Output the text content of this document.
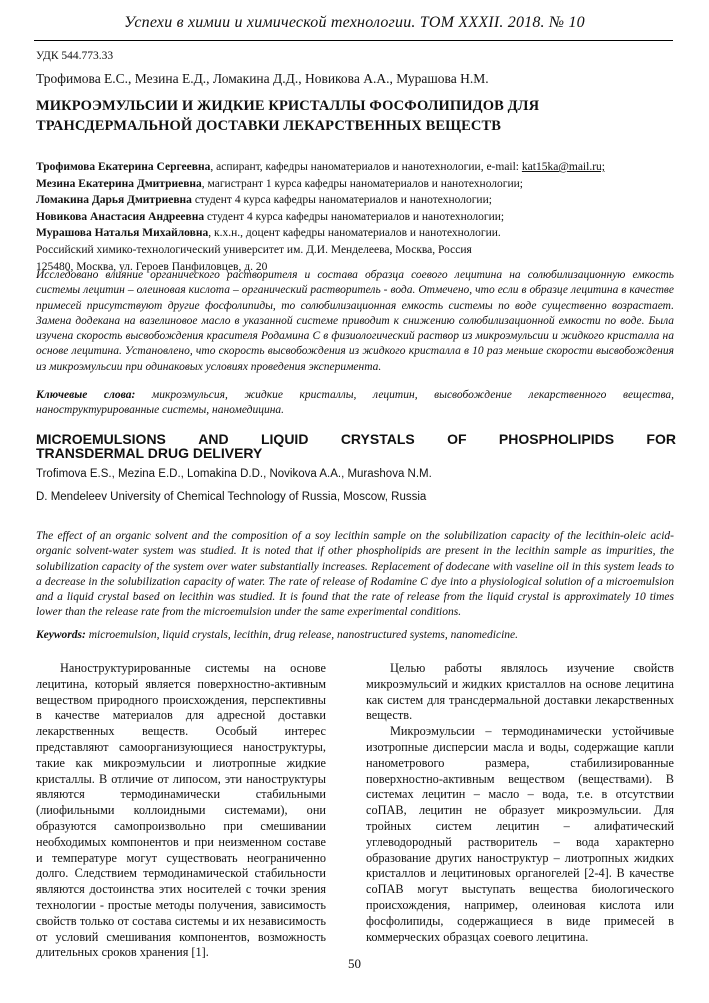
Успехи в химии и химической технологии. ТОМ XXXII. 2018. № 10
УДК 544.773.33
Трофимова Е.С., Мезина Е.Д., Ломакина Д.Д., Новикова А.А., Мурашова Н.М.
МИКРОЭМУЛЬСИИ И ЖИДКИЕ КРИСТАЛЛЫ ФОСФОЛИПИДОВ ДЛЯ
ТРАНСДЕРМАЛЬНОЙ ДОСТАВКИ ЛЕКАРСТВЕННЫХ ВЕЩЕСТВ
Трофимова Екатерина Сергеевна, аспирант, кафедры наноматериалов и нанотехнологии, e-mail: kat15ka@mail.ru;
Мезина Екатерина Дмитриевна, магистрант 1 курса кафедры наноматериалов и нанотехнологии;
Ломакина Дарья Дмитриевна студент 4 курса кафедры наноматериалов и нанотехнологии;
Новикова Анастасия Андреевна студент 4 курса кафедры наноматериалов и нанотехнологии;
Мурашова Наталья Михайловна, к.х.н., доцент кафедры наноматериалов и нанотехнологии.
Российский химико-технологический университет им. Д.И. Менделеева, Москва, Россия
125480, Москва, ул. Героев Панфиловцев, д. 20
Исследовано влияние органического растворителя и состава образца соевого лецитина на солюбилизационную емкость системы лецитин – олеиновая кислота – органический растворитель - вода. Отмечено, что если в образце лецитина в качестве примесей присутствуют другие фосфолипиды, то солюбилизационная емкость системы по воде существенно возрастает. Замена додекана на вазелиновое масло в указанной системе приводит к снижению солюбилизационной емкости по воде. Была изучена скорость высвобождения красителя Родамина С в физиологический раствор из микроэмульсии и жидкого кристалла на основе лецитина. Установлено, что скорость высвобождения из жидкого кристалла в 10 раз меньше скорости высвобождения из микроэмульсии при одинаковых условиях проведения эксперимента.
Ключевые слова: микроэмульсия, жидкие кристаллы, лецитин, высвобождение лекарственного вещества, наноструктурированные системы, наномедицина.
MICROEMULSIONS AND LIQUID CRYSTALS OF PHOSPHOLIPIDS FOR
TRANSDERMAL DRUG DELIVERY
Trofimova E.S., Mezina E.D., Lomakina D.D., Novikova A.A., Murashova N.M.
D. Mendeleev University of Chemical Technology of Russia, Moscow, Russia
The effect of an organic solvent and the composition of a soy lecithin sample on the solubilization capacity of the lecithin-oleic acid-organic solvent-water system was studied. It is noted that if other phospholipids are present in the lecithin sample as impurities, the solubilization capacity of the system over water substantially increases. Replacement of dodecane with vaseline oil in this system leads to a decrease in the solubilization capacity of water. The rate of release of Rodamine C dye into a physiological solution of a microemulsion and a liquid crystal based on lecithin was studied. It is found that the rate of release from the liquid crystal is approximately 10 times lower than the release rate from the microemulsion under the same experimental conditions.
Keywords: microemulsion, liquid crystals, lecithin, drug release, nanostructured systems, nanomedicine.

Наноструктурированные системы на основе лецитина, который является поверхностно-активным веществом природного происхождения, перспективны в качестве материалов для адресной доставки лекарственных веществ. Особый интерес представляют самоорганизующиеся наноструктуры, такие как микроэмульсии и лиотропные жидкие кристаллы. В отличие от липосом, эти наноструктуры являются термодинамически стабильными (лиофильными коллоидными системами), они образуются самопроизвольно при смешивании необходимых компонентов и при неизменном составе и температуре могут существовать неограниченно долго. Следствием термодинамической стабильности являются достоинства этих носителей с точки зрения технологии - простые методы получения, зависимость свойств только от состава системы и их независимость от условий смешивания компонентов, возможность длительных сроков хранения [1].

Целью работы являлось изучение свойств микроэмульсий и жидких кристаллов на основе лецитина как систем для трансдермальной доставки лекарственных веществ.

Микроэмульсии – термодинамически устойчивые изотропные дисперсии масла и воды, содержащие капли нанометрового размера, стабилизированные поверхностно-активным веществом (веществами). В системах лецитин – масло – вода, т.е. в отсутствии соПАВ, лецитин не образует микроэмульсии. Для тройных систем лецитин – алифатический углеводородный растворитель – вода характерно образование других наноструктур – лиотропных жидких кристаллов и лецитиновых органогелей [2-4]. В качестве соПАВ могут выступать вещества биологического происхождения, например, олеиновая кислота или фосфолипиды, содержащиеся в виде примесей в коммерческих образцах соевого лецитина.

50
